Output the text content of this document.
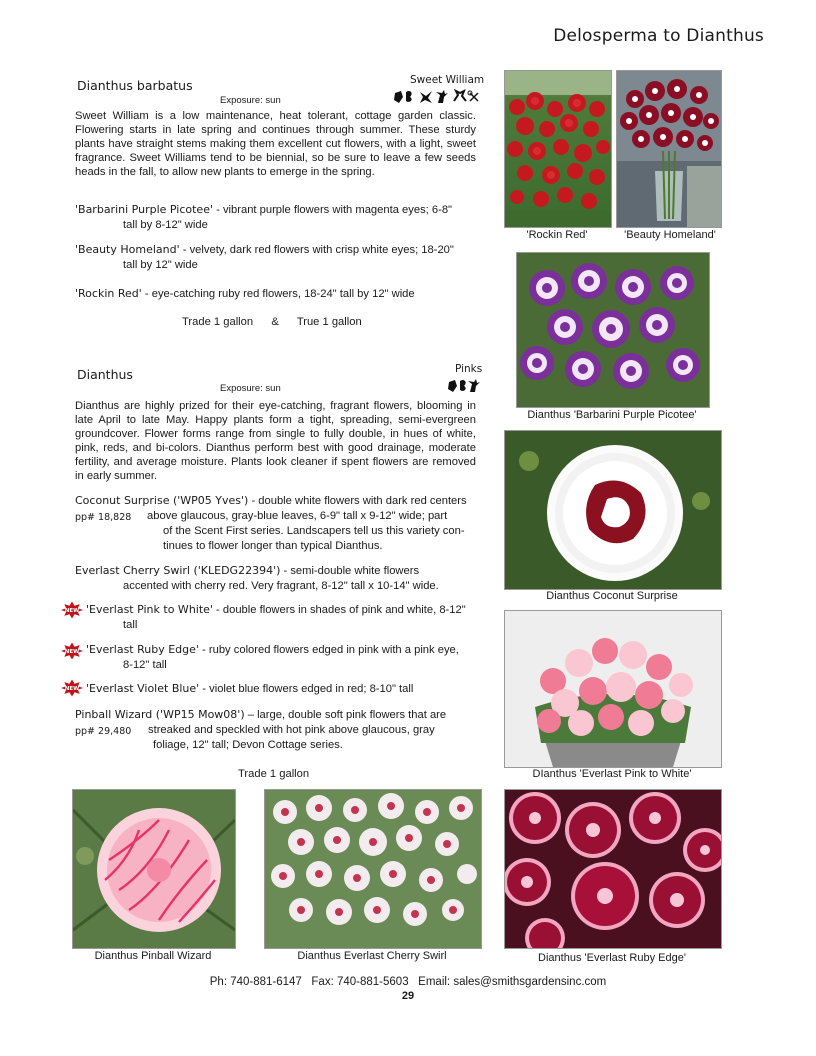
Delosperma to Dianthus
Dianthus barbatus	Sweet William
Exposure: sun
Sweet William is a low maintenance, heat tolerant, cottage garden classic. Flowering starts in late spring and continues through summer. These sturdy plants have straight stems making them excellent cut flowers, with a light, sweet fragrance. Sweet Williams tend to be biennial, so be sure to leave a few seeds heads in the fall, to allow new plants to emerge in the spring.
'Barbarini Purple Picotee' - vibrant purple flowers with magenta eyes; 6-8"
tall by 8-12" wide
'Beauty Homeland' - velvety, dark red flowers with crisp white eyes; 18-20"
tall by 12" wide
'Rockin Red' - eye-catching ruby red flowers, 18-24" tall by 12" wide
Trade 1 gallon & True 1 gallon
Dianthus	Pinks
Exposure: sun
Dianthus are highly prized for their eye-catching, fragrant flowers, blooming in late April to late May. Happy plants form a tight, spreading, semi-evergreen groundcover. Flower forms range from single to fully double, in hues of white, pink, reds, and bi-colors. Dianthus perform best with good drainage, moderate fertility, and average moisture. Plants look cleaner if spent flowers are removed in early summer.
Coconut Surprise ('WP05 Yves') - double white flowers with dark red centers
pp# 18,828	above glaucous, gray-blue leaves, 6-9" tall x 9-12" wide; part
of the Scent First series. Landscapers tell us this variety con-
tinues to flower longer than typical Dianthus.
Everlast Cherry Swirl ('KLEDG22394') - semi-double white flowers
accented with cherry red. Very fragrant, 8-12" tall x 10-14" wide.
NEW 'Everlast Pink to White' - double flowers in shades of pink and white, 8-12"
tall
NEW 'Everlast Ruby Edge' - ruby colored flowers edged in pink with a pink eye,
8-12" tall
NEW 'Everlast Violet Blue' - violet blue flowers edged in red; 8-10" tall
Pinball Wizard ('WP15 Mow08') – large, double soft pink flowers that are
pp# 29,480	streaked and speckled with hot pink above glaucous, gray
foliage, 12" tall; Devon Cottage series.
Trade 1 gallon
'Rockin Red'	'Beauty Homeland'
Dianthus 'Barbarini Purple Picotee'
Dianthus Coconut Surprise
DIanthus 'Everlast Pink to White'
Dianthus Pinball Wizard	Dianthus Everlast Cherry Swirl	Dianthus 'Everlast Ruby Edge'
Ph: 740-881-6147   Fax: 740-881-5603   Email: sales@smithsgardensinc.com
29
